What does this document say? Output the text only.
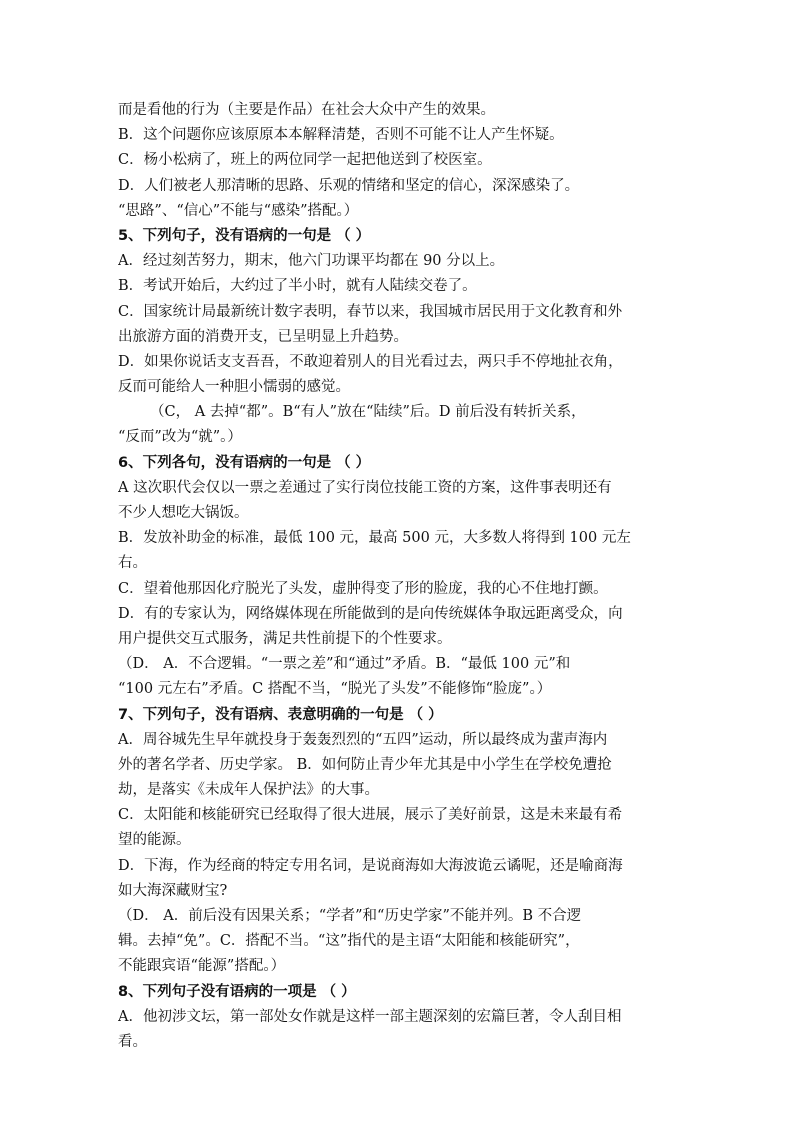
而是看他的行为（主要是作品）在社会大众中产生的效果。
B．这个问题你应该原原本本解释清楚，否则不可能不让人产生怀疑。
C．杨小松病了，班上的两位同学一起把他送到了校医室。
D．人们被老人那清晰的思路、乐观的情绪和坚定的信心，深深感染了。
“思路”、“信心”不能与“感染”搭配。）
5、下列句子，没有语病的一句是 （ ）
A．经过刻苦努力，期末，他六门功课平均都在 90 分以上。
B．考试开始后，大约过了半小时，就有人陆续交卷了。
C．国家统计局最新统计数字表明，春节以来，我国城市居民用于文化教育和外
出旅游方面的消费开支，已呈明显上升趋势。
D．如果你说话支支吾吾，不敢迎着别人的目光看过去，两只手不停地扯衣角，
反而可能给人一种胆小懦弱的感觉。
（C， A 去掉“都”。B“有人”放在“陆续”后。D 前后没有转折关系，
“反而”改为“就”。）
6、下列各句，没有语病的一句是 （ ）
A 这次职代会仅以一票之差通过了实行岗位技能工资的方案，这件事表明还有
不少人想吃大锅饭。
B．发放补助金的标准，最低 100 元，最高 500 元，大多数人将得到 100 元左
右。
C．望着他那因化疗脱光了头发，虚肿得变了形的脸庞，我的心不住地打颤。
D．有的专家认为，网络媒体现在所能做到的是向传统媒体争取远距离受众，向
用户提供交互式服务，满足共性前提下的个性要求。
（D． A．不合逻辑。“一票之差”和“通过”矛盾。B．“最低 100 元”和
“100 元左右”矛盾。C 搭配不当，“脱光了头发”不能修饰“脸庞”。）
7、下列句子，没有语病、表意明确的一句是 （ ）
A．周谷城先生早年就投身于轰轰烈烈的“五四”运动，所以最终成为蜚声海内
外的著名学者、历史学家。 B．如何防止青少年尤其是中小学生在学校免遭抢
劫，是落实《未成年人保护法》的大事。
C．太阳能和核能研究已经取得了很大进展，展示了美好前景，这是未来最有希
望的能源。
D．下海，作为经商的特定专用名词，是说商海如大海波诡云谲呢，还是喻商海
如大海深藏财宝?
（D． A．前后没有因果关系；“学者”和“历史学家”不能并列。B 不合逻
辑。去掉“免”。C．搭配不当。“这”指代的是主语“太阳能和核能研究”，
不能跟宾语“能源”搭配。）
8、下列句子没有语病的一项是 （ ）
A．他初涉文坛，第一部处女作就是这样一部主题深刻的宏篇巨著，令人刮目相
看。
